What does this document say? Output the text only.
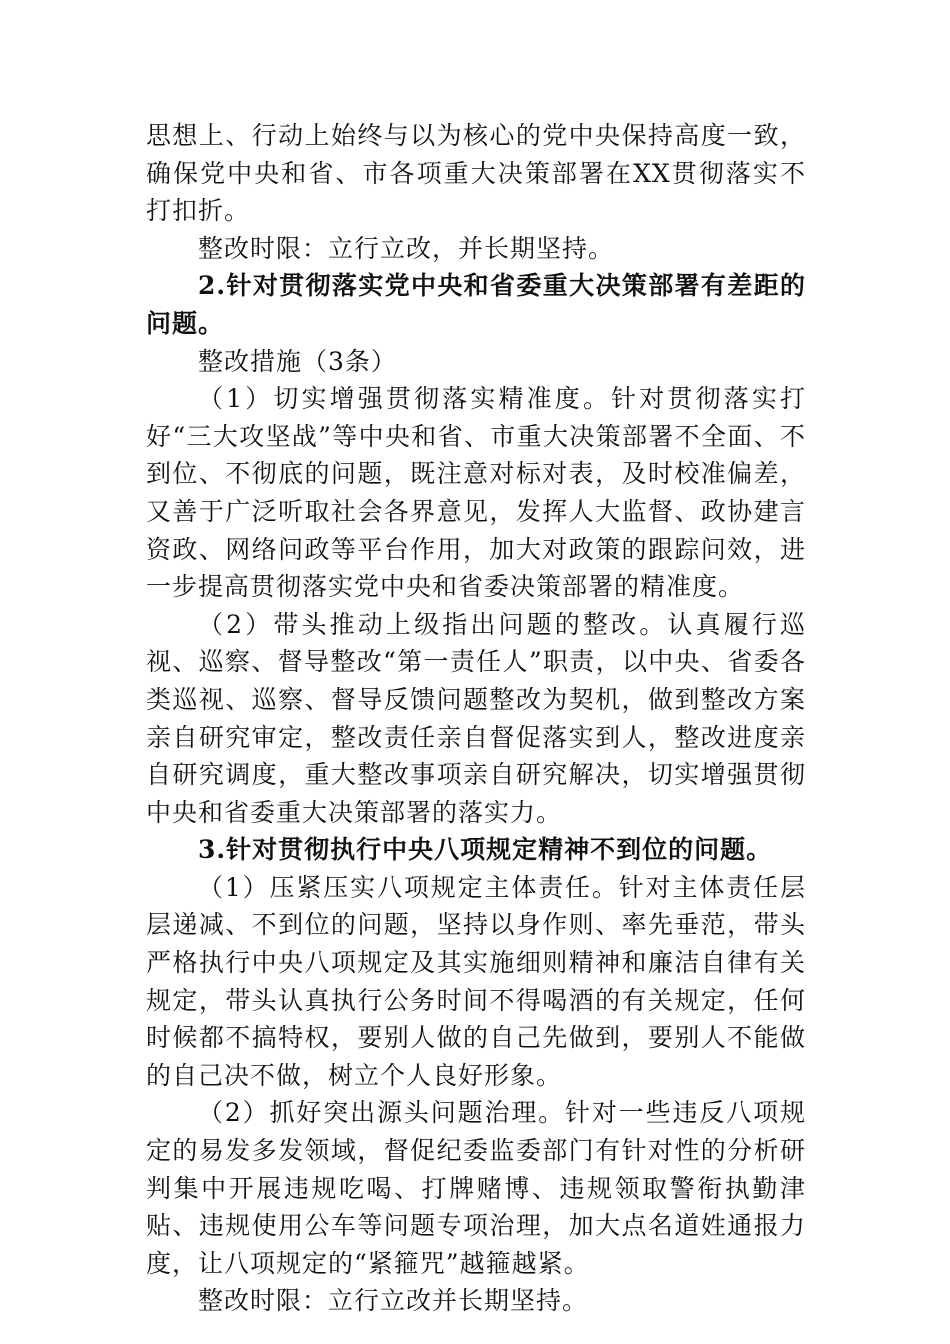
思想上、行动上始终与以为核心的党中央保持高度一致，确保党中央和省、市各项重大决策部署在XX贯彻落实不打扣折。

整改时限：立行立改，并长期坚持。

2.针对贯彻落实党中央和省委重大决策部署有差距的问题。

整改措施（3条）

（1）切实增强贯彻落实精准度。针对贯彻落实打好“三大攻坚战”等中央和省、市重大决策部署不全面、不到位、不彻底的问题，既注意对标对表，及时校准偏差，又善于广泛听取社会各界意见，发挥人大监督、政协建言资政、网络问政等平台作用，加大对政策的跟踪问效，进一步提高贯彻落实党中央和省委决策部署的精准度。

（2）带头推动上级指出问题的整改。认真履行巡视、巡察、督导整改“第一责任人”职责，以中央、省委各类巡视、巡察、督导反馈问题整改为契机，做到整改方案亲自研究审定，整改责任亲自督促落实到人，整改进度亲自研究调度，重大整改事项亲自研究解决，切实增强贯彻中央和省委重大决策部署的落实力。

3.针对贯彻执行中央八项规定精神不到位的问题。

（1）压紧压实八项规定主体责任。针对主体责任层层递减、不到位的问题，坚持以身作则、率先垂范，带头严格执行中央八项规定及其实施细则精神和廉洁自律有关规定，带头认真执行公务时间不得喝酒的有关规定，任何时候都不搞特权，要别人做的自己先做到，要别人不能做的自己决不做，树立个人良好形象。

（2）抓好突出源头问题治理。针对一些违反八项规定的易发多发领域，督促纪委监委部门有针对性的分析研判集中开展违规吃喝、打牌赌博、违规领取警衔执勤津贴、违规使用公车等问题专项治理，加大点名道姓通报力度，让八项规定的“紧箍咒”越箍越紧。

整改时限：立行立改并长期坚持。
